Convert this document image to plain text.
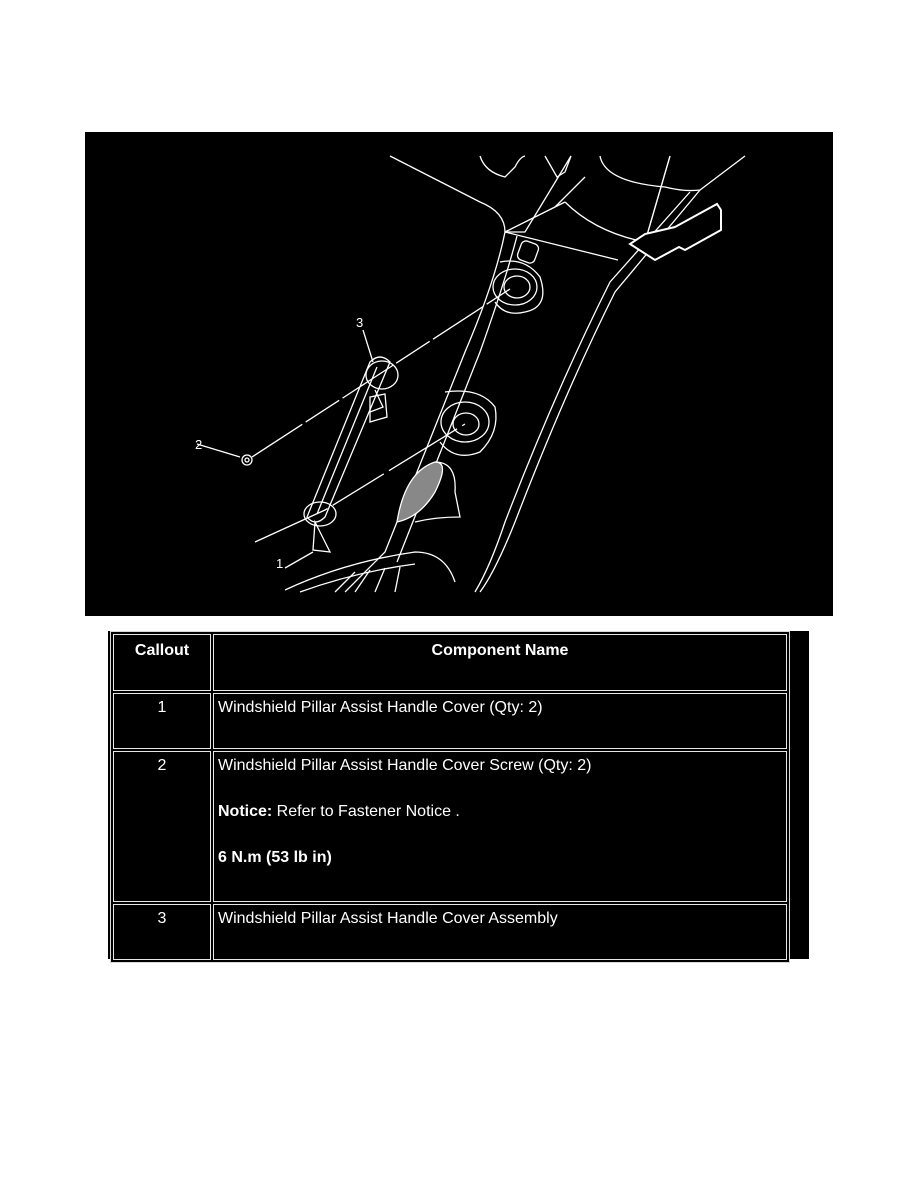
3
2
1
Callout	Component Name
1	Windshield Pillar Assist Handle Cover (Qty: 2)
2	Windshield Pillar Assist Handle Cover Screw (Qty: 2)
Notice: Refer to Fastener Notice .
6 N.m (53 lb in)

3	Windshield Pillar Assist Handle Cover Assembly
